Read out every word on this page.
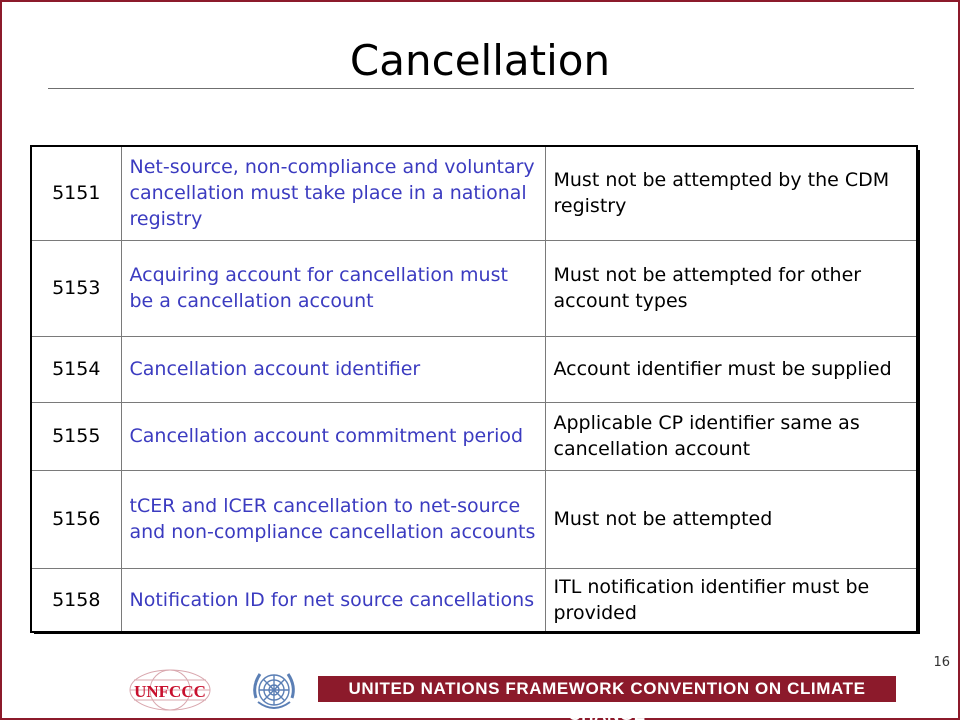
Cancellation
5151	Net-source, non-compliance and voluntary cancellation must take place in a national registry	Must not be attempted by the CDM registry
5153	Acquiring account for cancellation must be a cancellation account	Must not be attempted for other account types
5154	Cancellation account identifier	Account identifier must be supplied
5155	Cancellation account commitment period	Applicable CP identifier same as cancellation account
5156	tCER and lCER cancellation to net-source and non-compliance cancellation accounts	Must not be attempted
5158	Notification ID for net source cancellations	ITL notification identifier must be provided
16
UNFCCC	UNITED NATIONS FRAMEWORK CONVENTION ON CLIMATE CHANGE
